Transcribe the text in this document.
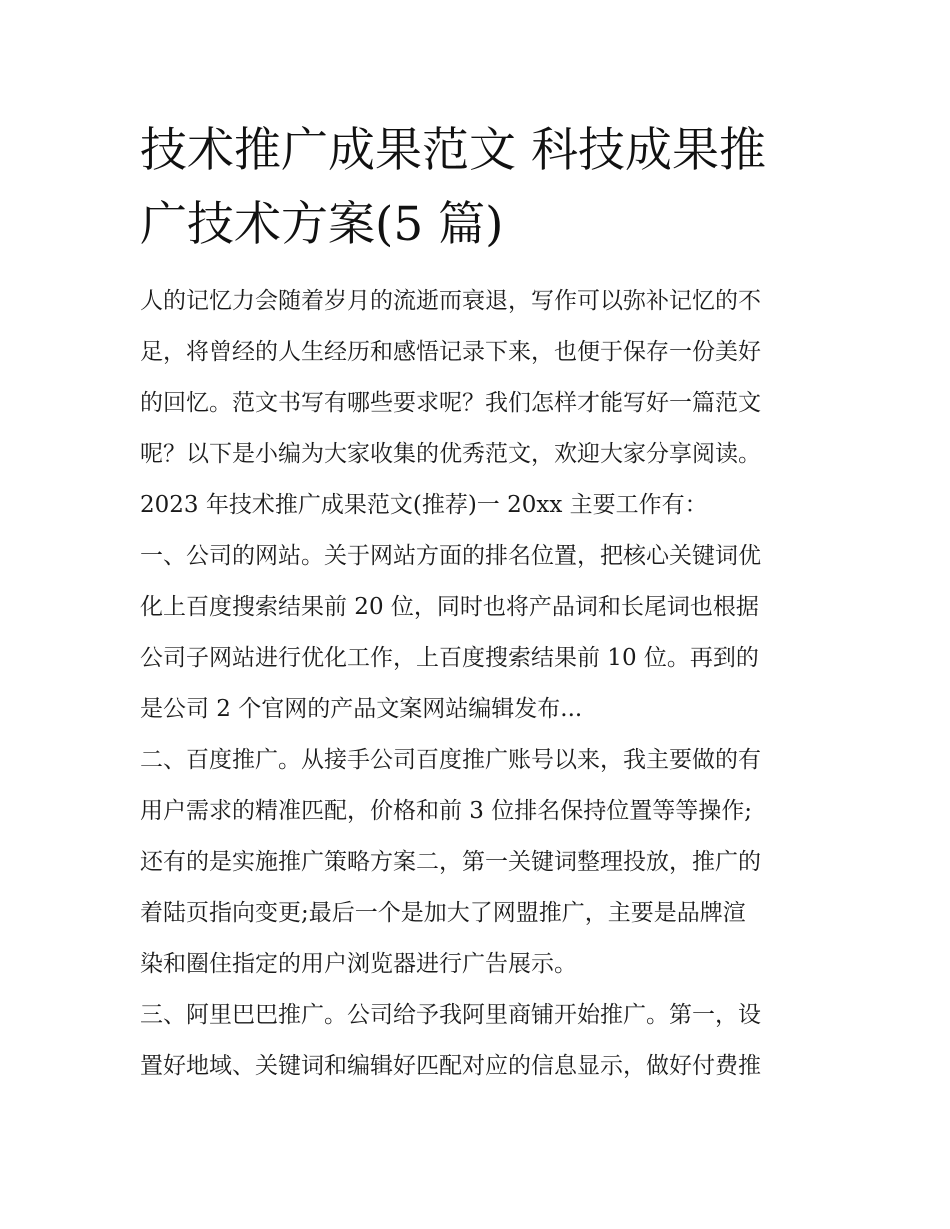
技术推广成果范文 科技成果推
广技术方案(5 篇)
人的记忆力会随着岁月的流逝而衰退，写作可以弥补记忆的不
足，将曾经的人生经历和感悟记录下来，也便于保存一份美好
的回忆。范文书写有哪些要求呢？我们怎样才能写好一篇范文
呢？以下是小编为大家收集的优秀范文，欢迎大家分享阅读。
2023 年技术推广成果范文(推荐)一 20xx 主要工作有：
一、公司的网站。关于网站方面的排名位置，把核心关键词优
化上百度搜索结果前 20 位，同时也将产品词和长尾词也根据
公司子网站进行优化工作，上百度搜索结果前 10 位。再到的
是公司 2 个官网的产品文案网站编辑发布...
二、百度推广。从接手公司百度推广账号以来，我主要做的有
用户需求的精准匹配，价格和前 3 位排名保持位置等等操作;
还有的是实施推广策略方案二，第一关键词整理投放，推广的
着陆页指向变更;最后一个是加大了网盟推广，主要是品牌渲
染和圈住指定的用户浏览器进行广告展示。
三、阿里巴巴推广。公司给予我阿里商铺开始推广。第一，设
置好地域、关键词和编辑好匹配对应的信息显示，做好付费推
